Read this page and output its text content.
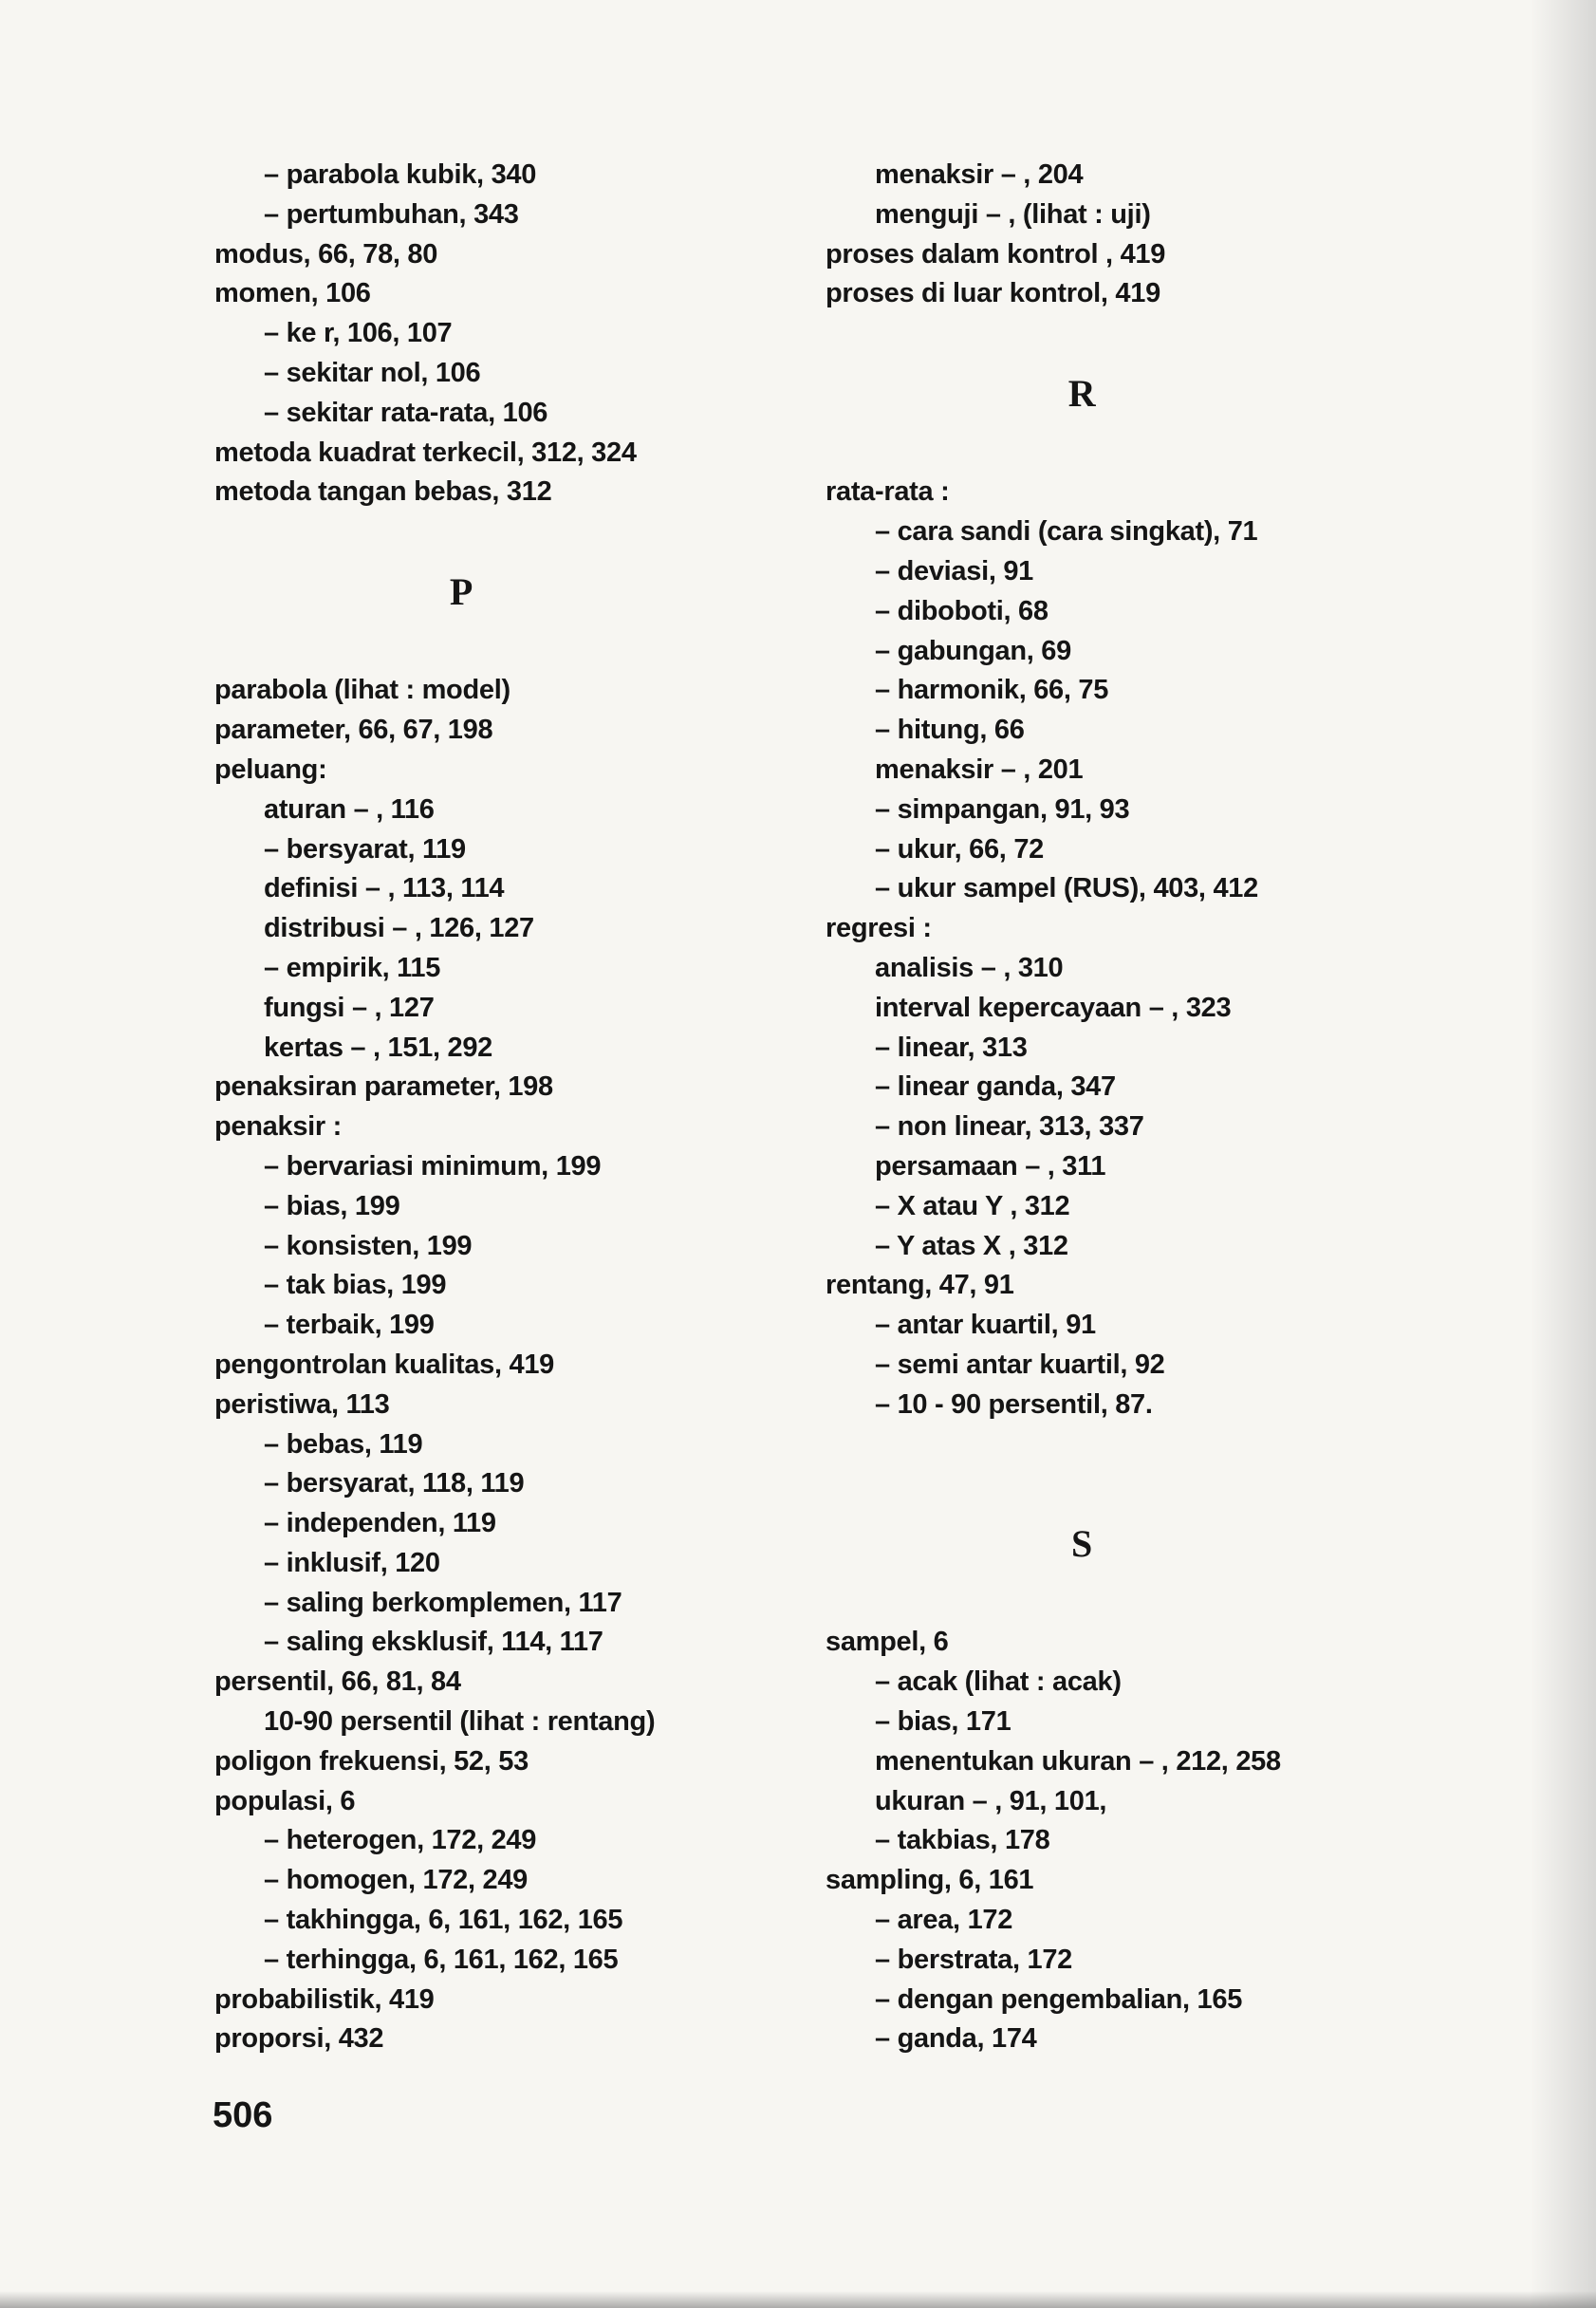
– parabola kubik, 340
– pertumbuhan, 343
modus, 66, 78, 80
momen, 106
– ke r, 106, 107
– sekitar nol, 106
– sekitar rata-rata, 106
metoda kuadrat terkecil, 312, 324
metoda tangan bebas, 312
P
parabola (lihat : model)
parameter, 66, 67, 198
peluang:
aturan – , 116
– bersyarat, 119
definisi – , 113, 114
distribusi – , 126, 127
– empirik, 115
fungsi – , 127
kertas – , 151, 292
penaksiran parameter, 198
penaksir :
– bervariasi minimum, 199
– bias, 199
– konsisten, 199
– tak bias, 199
– terbaik, 199
pengontrolan kualitas, 419
peristiwa, 113
– bebas, 119
– bersyarat, 118, 119
– independen, 119
– inklusif, 120
– saling berkomplemen, 117
– saling eksklusif, 114, 117
persentil, 66, 81, 84
10-90 persentil (lihat : rentang)
poligon frekuensi, 52, 53
populasi, 6
– heterogen, 172, 249
– homogen, 172, 249
– takhingga, 6, 161, 162, 165
– terhingga, 6, 161, 162, 165
probabilistik, 419
proporsi, 432
menaksir – , 204
menguji – , (lihat : uji)
proses dalam kontrol , 419
proses di luar kontrol, 419
R
rata-rata :
– cara sandi (cara singkat), 71
– deviasi, 91
– diboboti, 68
– gabungan, 69
– harmonik, 66, 75
– hitung, 66
menaksir – , 201
– simpangan, 91, 93
– ukur, 66, 72
– ukur sampel (RUS), 403, 412
regresi :
analisis – , 310
interval kepercayaan – , 323
– linear, 313
– linear ganda, 347
– non linear, 313, 337
persamaan – , 311
– X atau Y , 312
– Y atas X , 312
rentang, 47, 91
– antar kuartil, 91
– semi antar kuartil, 92
– 10 - 90 persentil, 87.
S
sampel, 6
– acak (lihat : acak)
– bias, 171
menentukan ukuran – , 212, 258
ukuran – , 91, 101,
– takbias, 178
sampling, 6, 161
– area, 172
– berstrata, 172
– dengan pengembalian, 165
– ganda, 174
506
